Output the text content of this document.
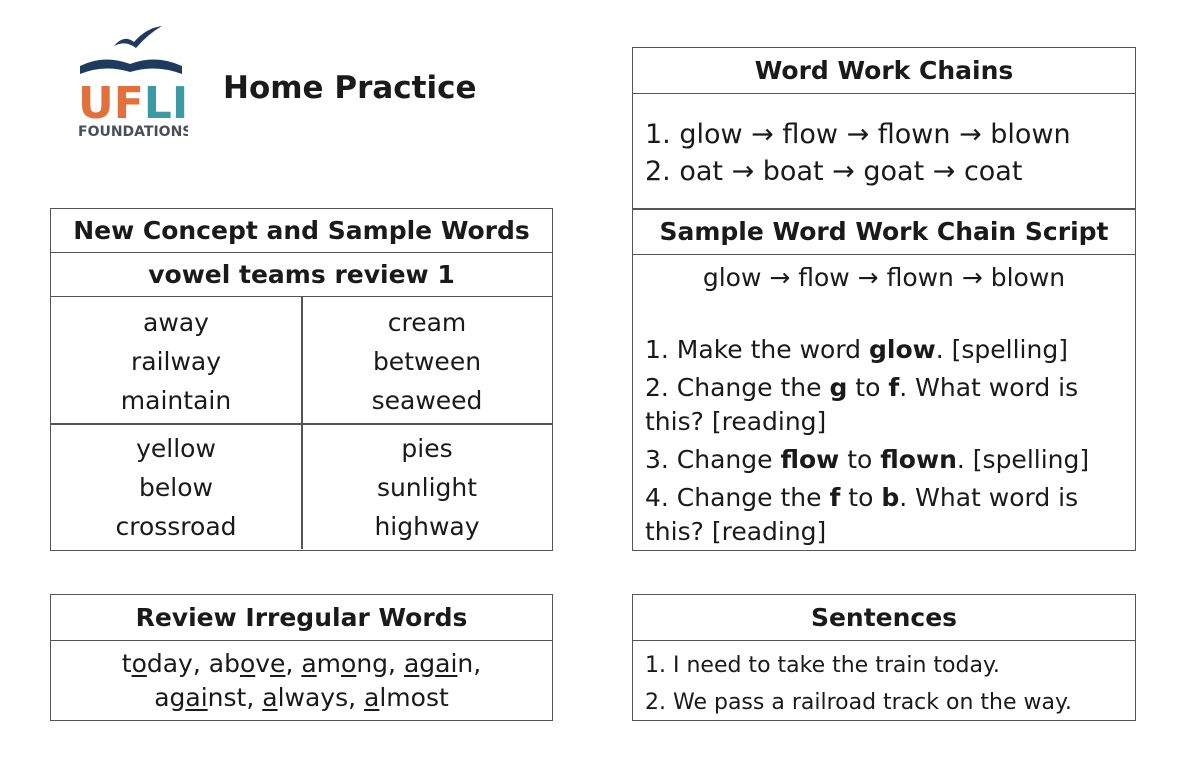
UFLI
FOUNDATIONS
Home Practice
New Concept and Sample Words
vowel teams review 1
away
railway
maintain
cream
between
seaweed
yellow
below
crossroad
pies
sunlight
highway
Review Irregular Words
today, above, among, again,
against, always, almost
Word Work Chains
1. glow → flow → flown → blown
2. oat → boat → goat → coat
Sample Word Work Chain Script
glow → flow → flown → blown
1. Make the word glow. [spelling]
2. Change the g to f. What word is this? [reading]
3. Change flow to flown. [spelling]
4. Change the f to b. What word is this? [reading]
Sentences
1. I need to take the train today.
2. We pass a railroad track on the way.
